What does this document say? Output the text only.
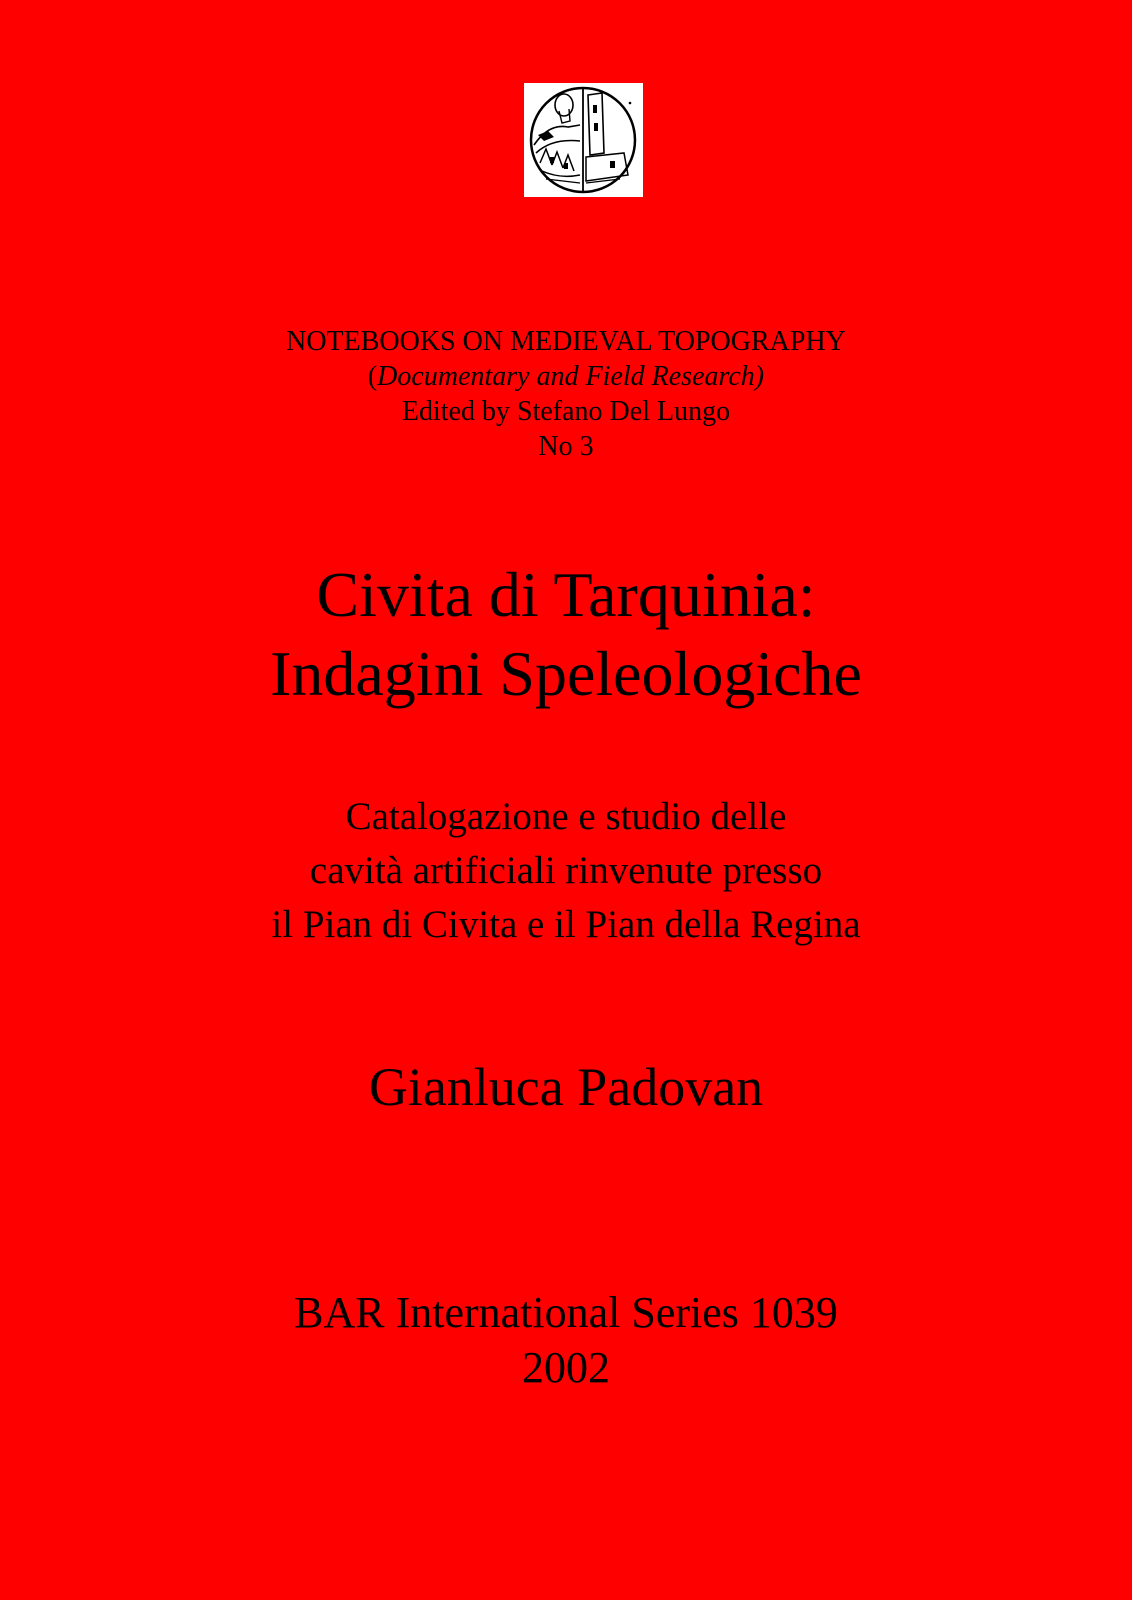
NOTEBOOKS ON MEDIEVAL TOPOGRAPHY
(Documentary and Field Research)
Edited by Stefano Del Lungo
No 3
Civita di Tarquinia:
Indagini Speleologiche
Catalogazione e studio delle
cavità artificiali rinvenute presso
il Pian di Civita e il Pian della Regina
Gianluca Padovan
BAR International Series 1039
2002
